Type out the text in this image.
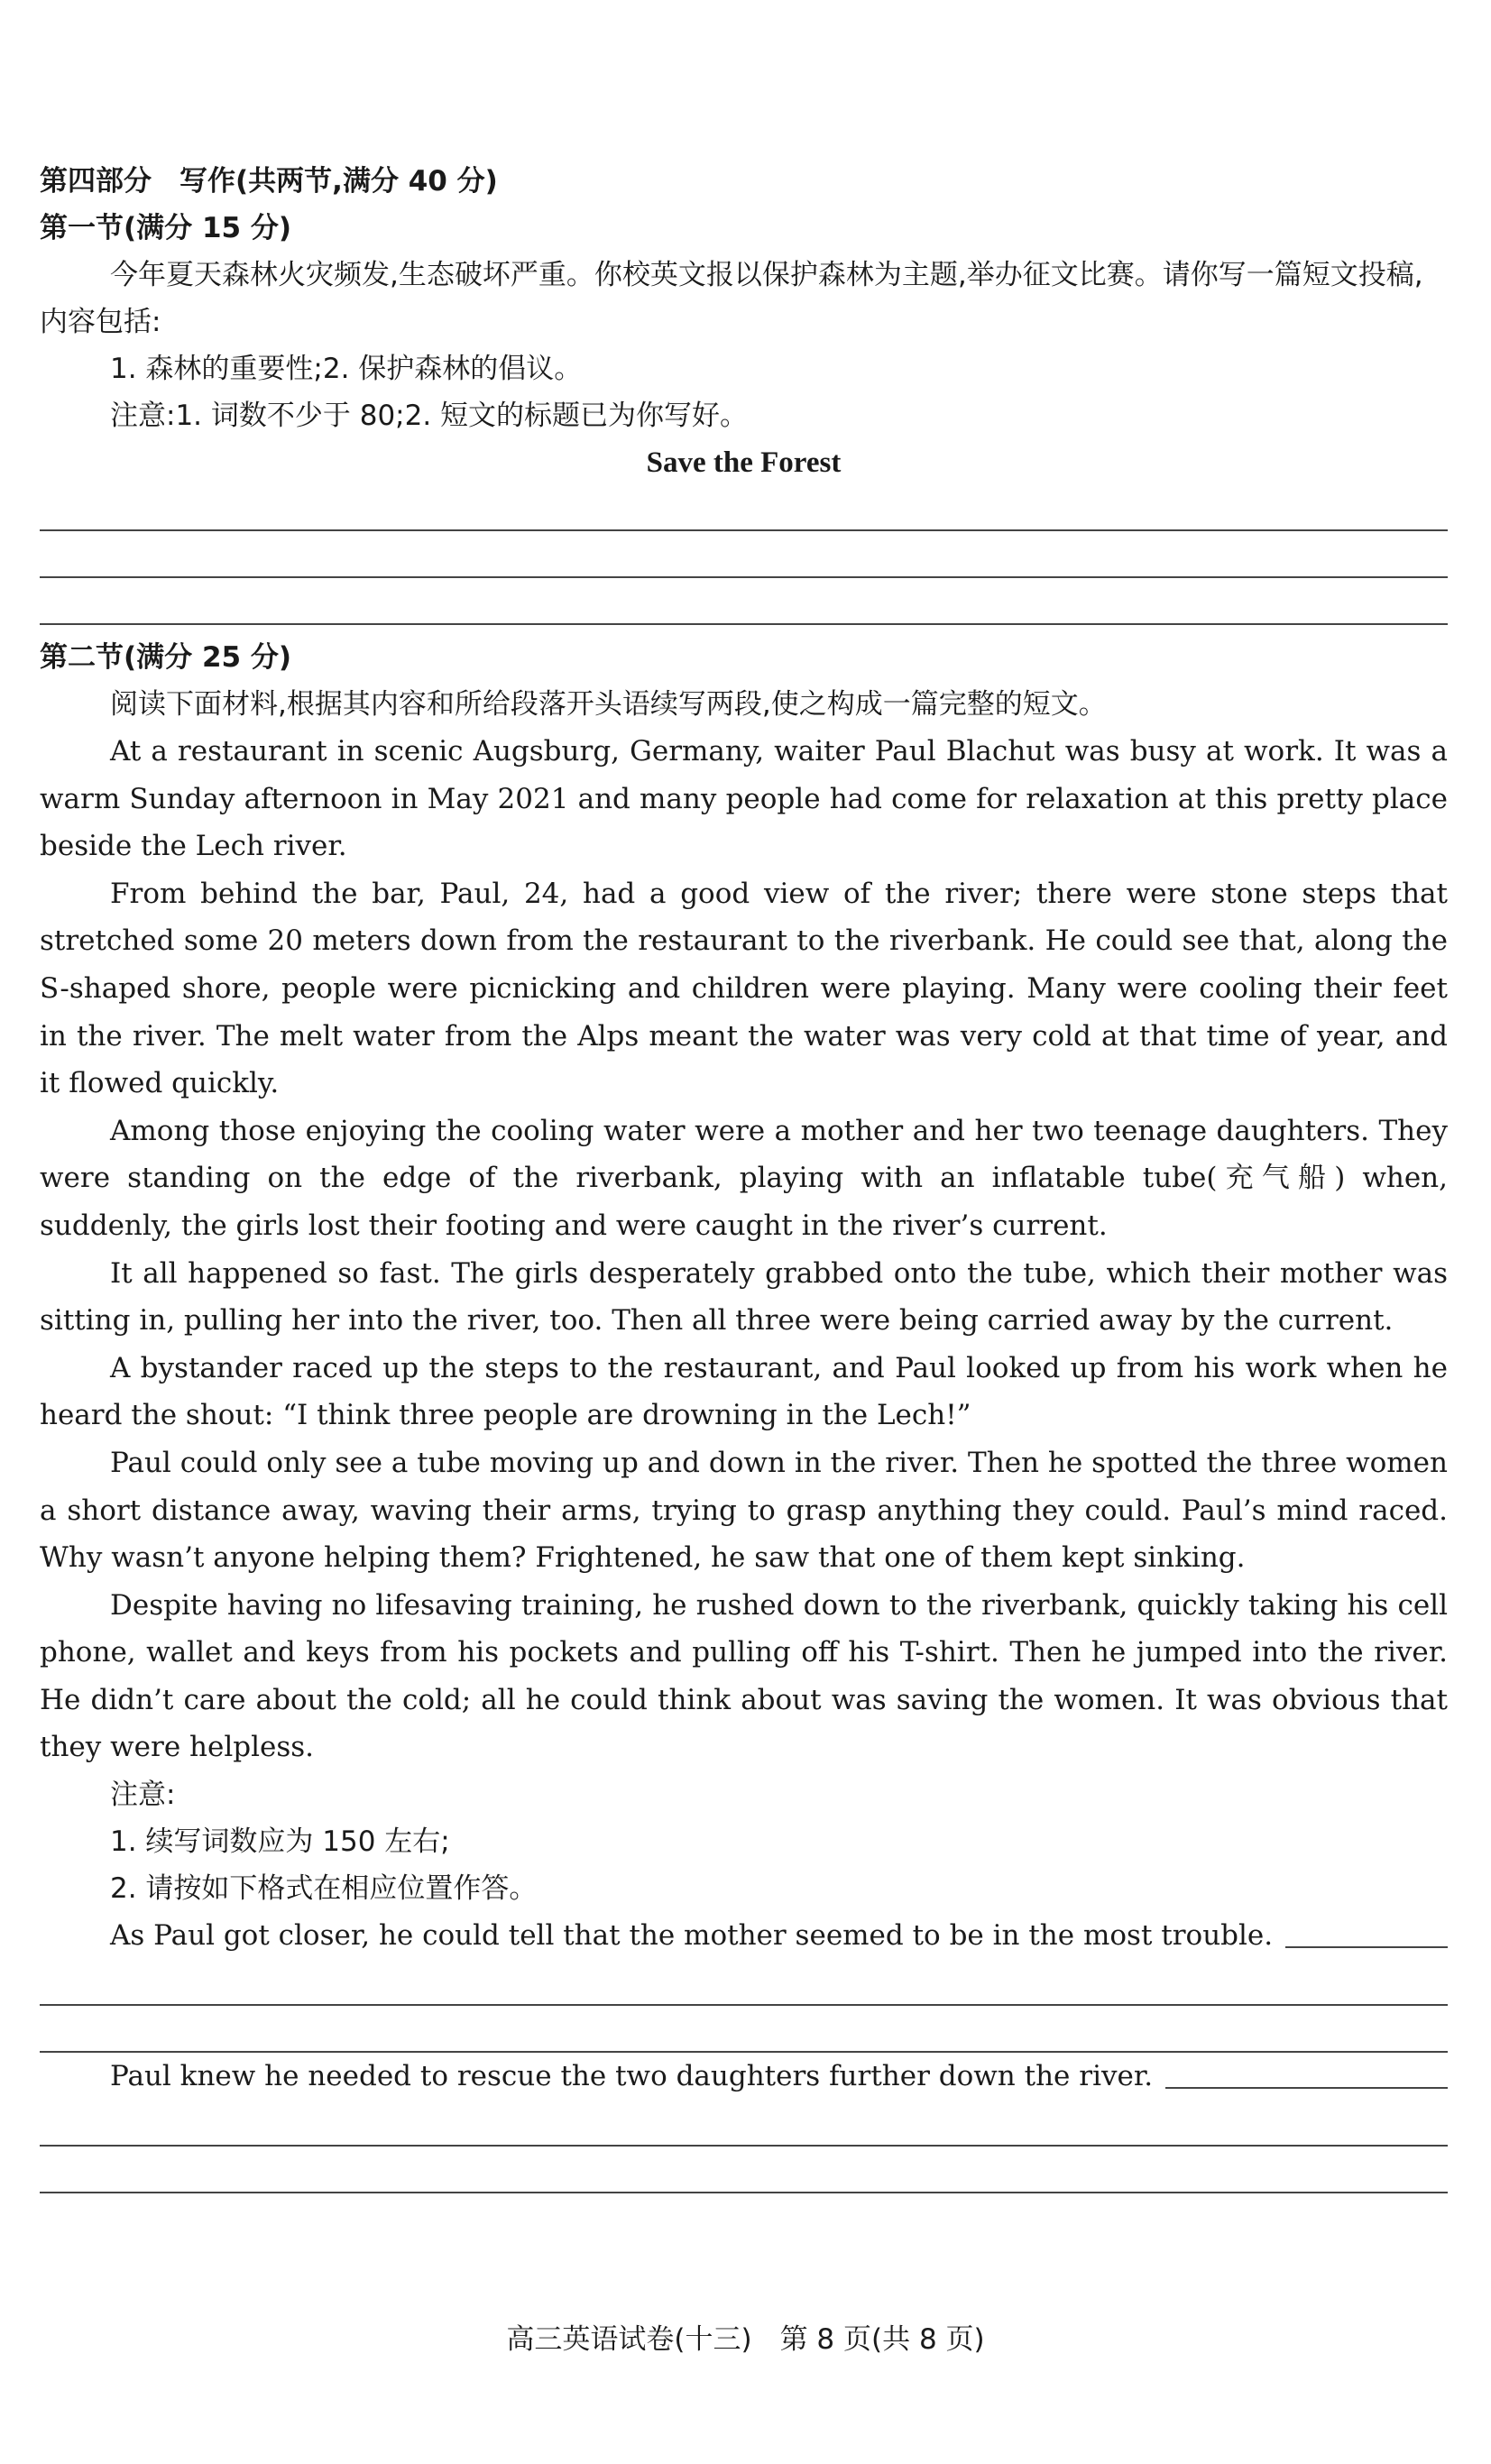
第四部分　写作(共两节,满分 40 分)

第一节(满分 15 分)

今年夏天森林火灾频发,生态破坏严重。你校英文报以保护森林为主题,举办征文比赛。请你写一篇短文投稿,内容包括:

1. 森林的重要性;2. 保护森林的倡议。

注意:1. 词数不少于 80;2. 短文的标题已为你写好。

Save the Forest

第二节(满分 25 分)

阅读下面材料,根据其内容和所给段落开头语续写两段,使之构成一篇完整的短文。

At a restaurant in scenic Augsburg, Germany, waiter Paul Blachut was busy at work. It was a warm Sunday afternoon in May 2021 and many people had come for relaxation at this pretty place beside the Lech river.

From behind the bar, Paul, 24, had a good view of the river; there were stone steps that stretched some 20 meters down from the restaurant to the riverbank. He could see that, along the S-shaped shore, people were picnicking and children were playing. Many were cooling their feet in the river. The melt water from the Alps meant the water was very cold at that time of year, and it flowed quickly.

Among those enjoying the cooling water were a mother and her two teenage daughters. They were standing on the edge of the riverbank, playing with an inflatable tube(充气船) when, suddenly, the girls lost their footing and were caught in the river’s current.

It all happened so fast. The girls desperately grabbed onto the tube, which their mother was sitting in, pulling her into the river, too. Then all three were being carried away by the current.

A bystander raced up the steps to the restaurant, and Paul looked up from his work when he heard the shout: “I think three people are drowning in the Lech!”

Paul could only see a tube moving up and down in the river. Then he spotted the three women a short distance away, waving their arms, trying to grasp anything they could. Paul’s mind raced. Why wasn’t anyone helping them? Frightened, he saw that one of them kept sinking.

Despite having no lifesaving training, he rushed down to the riverbank, quickly taking his cell phone, wallet and keys from his pockets and pulling off his T-shirt. Then he jumped into the river. He didn’t care about the cold; all he could think about was saving the women. It was obvious that they were helpless.

注意:

1. 续写词数应为 150 左右;

2. 请按如下格式在相应位置作答。

As Paul got closer, he could tell that the mother seemed to be in the most trouble.
Paul knew he needed to rescue the two daughters further down the river.
高三英语试卷(十三)　第 8 页(共 8 页)
